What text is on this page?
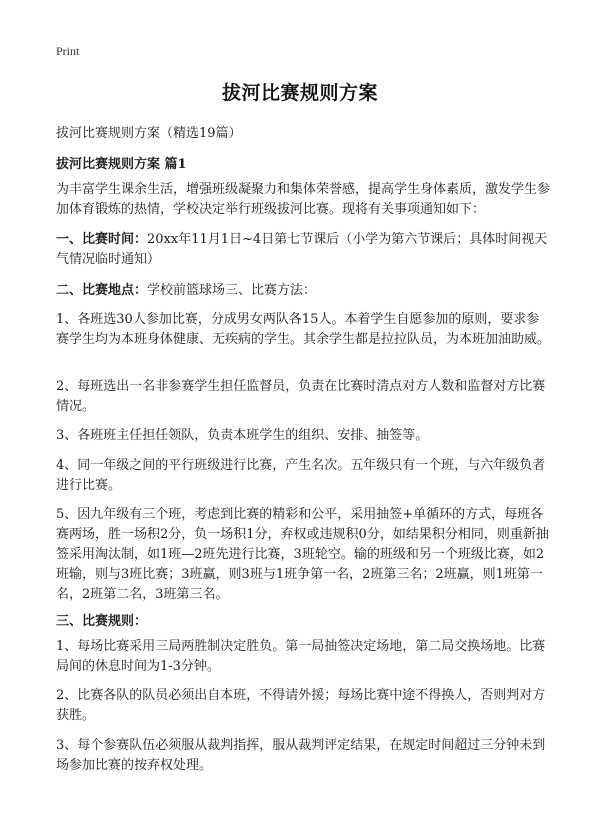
Print
拔河比赛规则方案
拔河比赛规则方案（精选19篇）
拔河比赛规则方案 篇1
为丰富学生课余生活，增强班级凝聚力和集体荣誉感，提高学生身体素质，激发学生参加体育锻炼的热情，学校决定举行班级拔河比赛。现将有关事项通知如下：
一、比赛时间：20xx年11月1日~4日第七节课后（小学为第六节课后；具体时间视天气情况临时通知）
二、比赛地点：学校前篮球场三、比赛方法：
1、各班选30人参加比赛，分成男女两队各15人。本着学生自愿参加的原则，要求参赛学生均为本班身体健康、无疾病的学生。其余学生都是拉拉队员，为本班加油助威。
2、每班选出一名非参赛学生担任监督员，负责在比赛时清点对方人数和监督对方比赛情况。
3、各班班主任担任领队，负责本班学生的组织、安排、抽签等。
4、同一年级之间的平行班级进行比赛，产生名次。五年级只有一个班，与六年级负者进行比赛。
5、因九年级有三个班，考虑到比赛的精彩和公平，采用抽签+单循环的方式，每班各赛两场，胜一场积2分，负一场积1分，弃权或违规积0分，如结果积分相同，则重新抽签采用淘汰制，如1班—2班先进行比赛，3班轮空。输的班级和另一个班级比赛，如2班输，则与3班比赛；3班赢，则3班与1班争第一名，2班第三名；2班赢，则1班第一名，2班第二名，3班第三名。
三、比赛规则：
1、每场比赛采用三局两胜制决定胜负。第一局抽签决定场地，第二局交换场地。比赛局间的休息时间为1-3分钟。
2、比赛各队的队员必须出自本班，不得请外援；每场比赛中途不得换人，否则判对方获胜。
3、每个参赛队伍必须服从裁判指挥，服从裁判评定结果，在规定时间超过三分钟未到场参加比赛的按弃权处理。
